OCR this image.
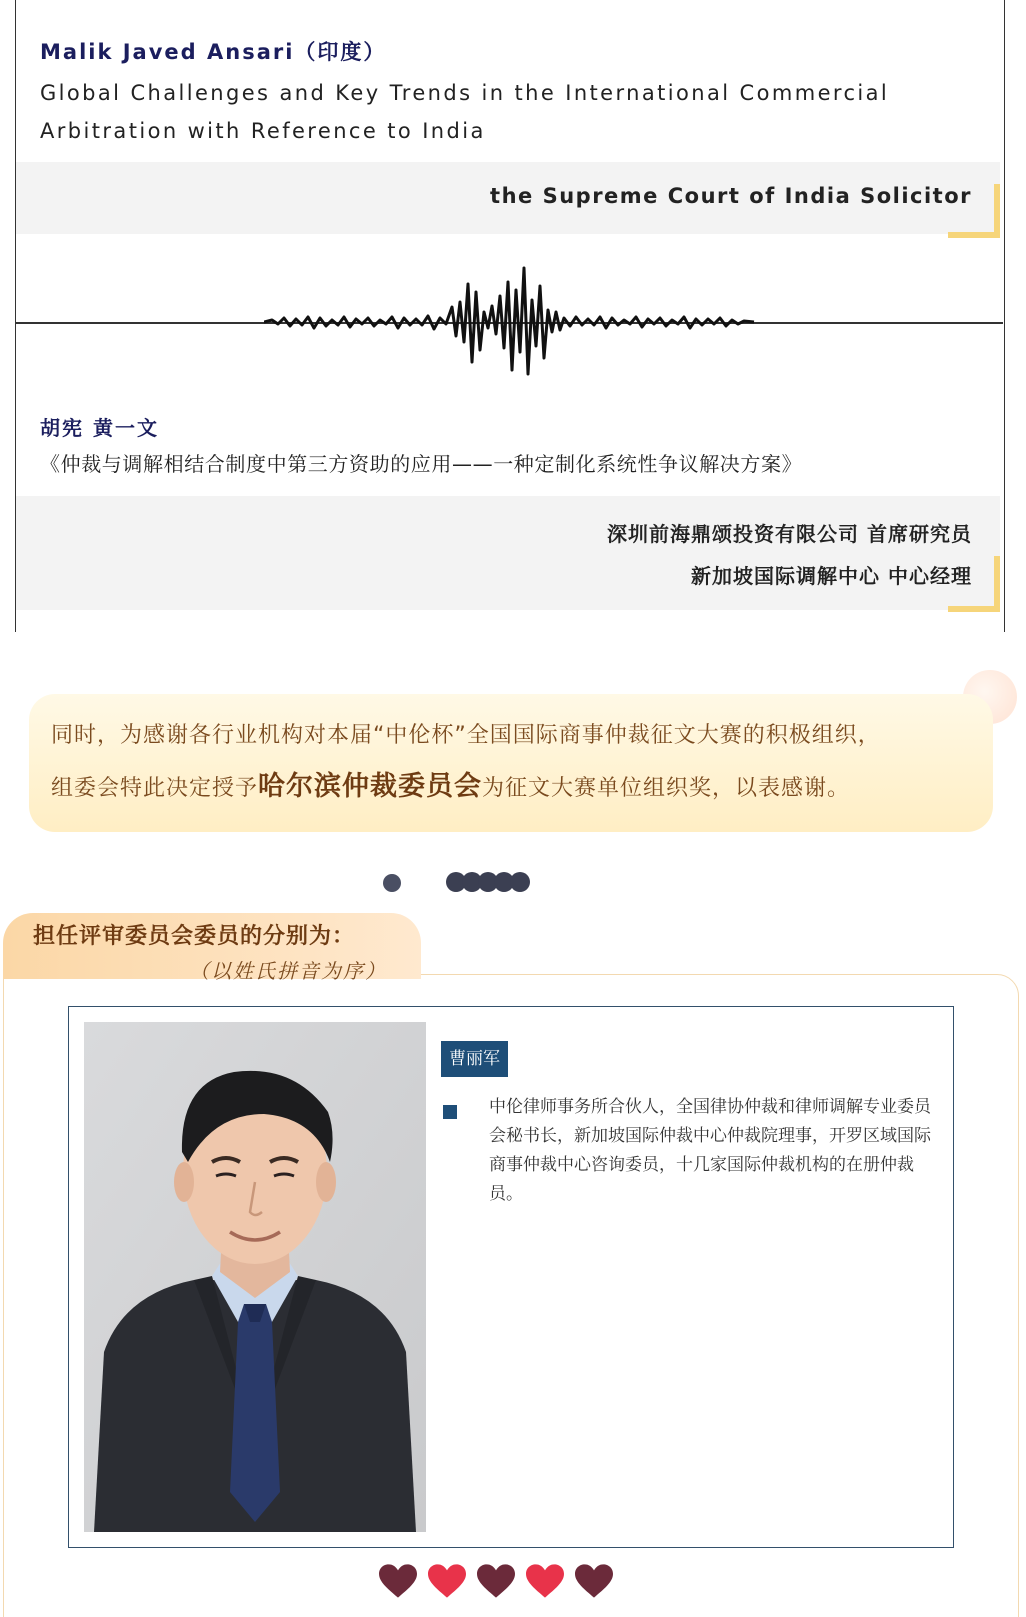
Malik Javed Ansari（印度）
Global Challenges and Key Trends in the International Commercial
Arbitration with Reference to India
the Supreme Court of India Solicitor
胡宪 黄一文
《仲裁与调解相结合制度中第三方资助的应用——一种定制化系统性争议解决方案》
深圳前海鼎颂投资有限公司 首席研究员
新加坡国际调解中心 中心经理

同时，为感谢各行业机构对本届“中伦杯”全国国际商事仲裁征文大赛的积极组织，

组委会特此决定授予哈尔滨仲裁委员会为征文大赛单位组织奖，以表感谢。

担任评审委员会委员的分别为：
（以姓氏拼音为序）
曹丽军
中伦律师事务所合伙人，全国律协仲裁和律师调解专业委员会秘书长，新加坡国际仲裁中心仲裁院理事，开罗区域国际商事仲裁中心咨询委员，十几家国际仲裁机构的在册仲裁员。
